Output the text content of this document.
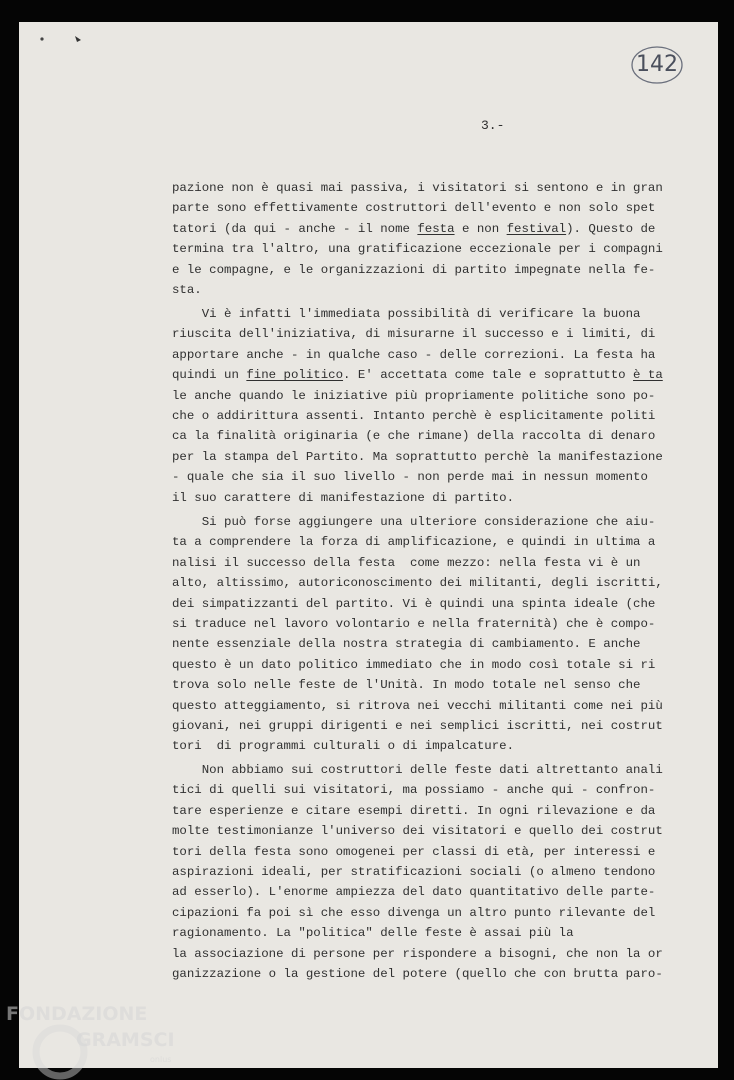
142
3.-
pazione non è quasi mai passiva, i visitatori si sentono e in gran
parte sono effettivamente costruttori dell'evento e non solo spet
tatori (da qui - anche - il nome festa e non festival). Questo de
termina tra l'altro, una gratificazione eccezionale per i compagni
e le compagne, e le organizzazioni di partito impegnate nella fe-
sta.
Vi è infatti l'immediata possibilità di verificare la buona
riuscita dell'iniziativa, di misurarne il successo e i limiti, di
apportare anche - in qualche caso - delle correzioni. La festa ha
quindi un fine politico. E' accettata come tale e soprattutto è ta
le anche quando le iniziative più propriamente politiche sono po-
che o addirittura assenti. Intanto perchè è esplicitamente politi
ca la finalità originaria (e che rimane) della raccolta di denaro
per la stampa del Partito. Ma soprattutto perchè la manifestazione
- quale che sia il suo livello - non perde mai in nessun momento
il suo carattere di manifestazione di partito.
Si può forse aggiungere una ulteriore considerazione che aiu-
ta a comprendere la forza di amplificazione, e quindi in ultima a
nalisi il successo della festa  come mezzo: nella festa vi è un
alto, altissimo, autoriconoscimento dei militanti, degli iscritti,
dei simpatizzanti del partito. Vi è quindi una spinta ideale (che
si traduce nel lavoro volontario e nella fraternità) che è compo-
nente essenziale della nostra strategia di cambiamento. E anche
questo è un dato politico immediato che in modo così totale si ri
trova solo nelle feste de l'Unità. In modo totale nel senso che
questo atteggiamento, si ritrova nei vecchi militanti come nei più
giovani, nei gruppi dirigenti e nei semplici iscritti, nei costrut
tori  di programmi culturali o di impalcature.
Non abbiamo sui costruttori delle feste dati altrettanto anali
tici di quelli sui visitatori, ma possiamo - anche qui - confron-
tare esperienze e citare esempi diretti. In ogni rilevazione e da
molte testimonianze l'universo dei visitatori e quello dei costrut
tori della festa sono omogenei per classi di età, per interessi e
aspirazioni ideali, per stratificazioni sociali (o almeno tendono
ad esserlo). L'enorme ampiezza del dato quantitativo delle parte-
cipazioni fa poi sì che esso divenga un altro punto rilevante del
ragionamento. La "politica" delle feste è assai più la
la associazione di persone per rispondere a bisogni, che non la or
ganizzazione o la gestione del potere (quello che con brutta paro-
FONDAZIONE
GRAMSCI
onlus
